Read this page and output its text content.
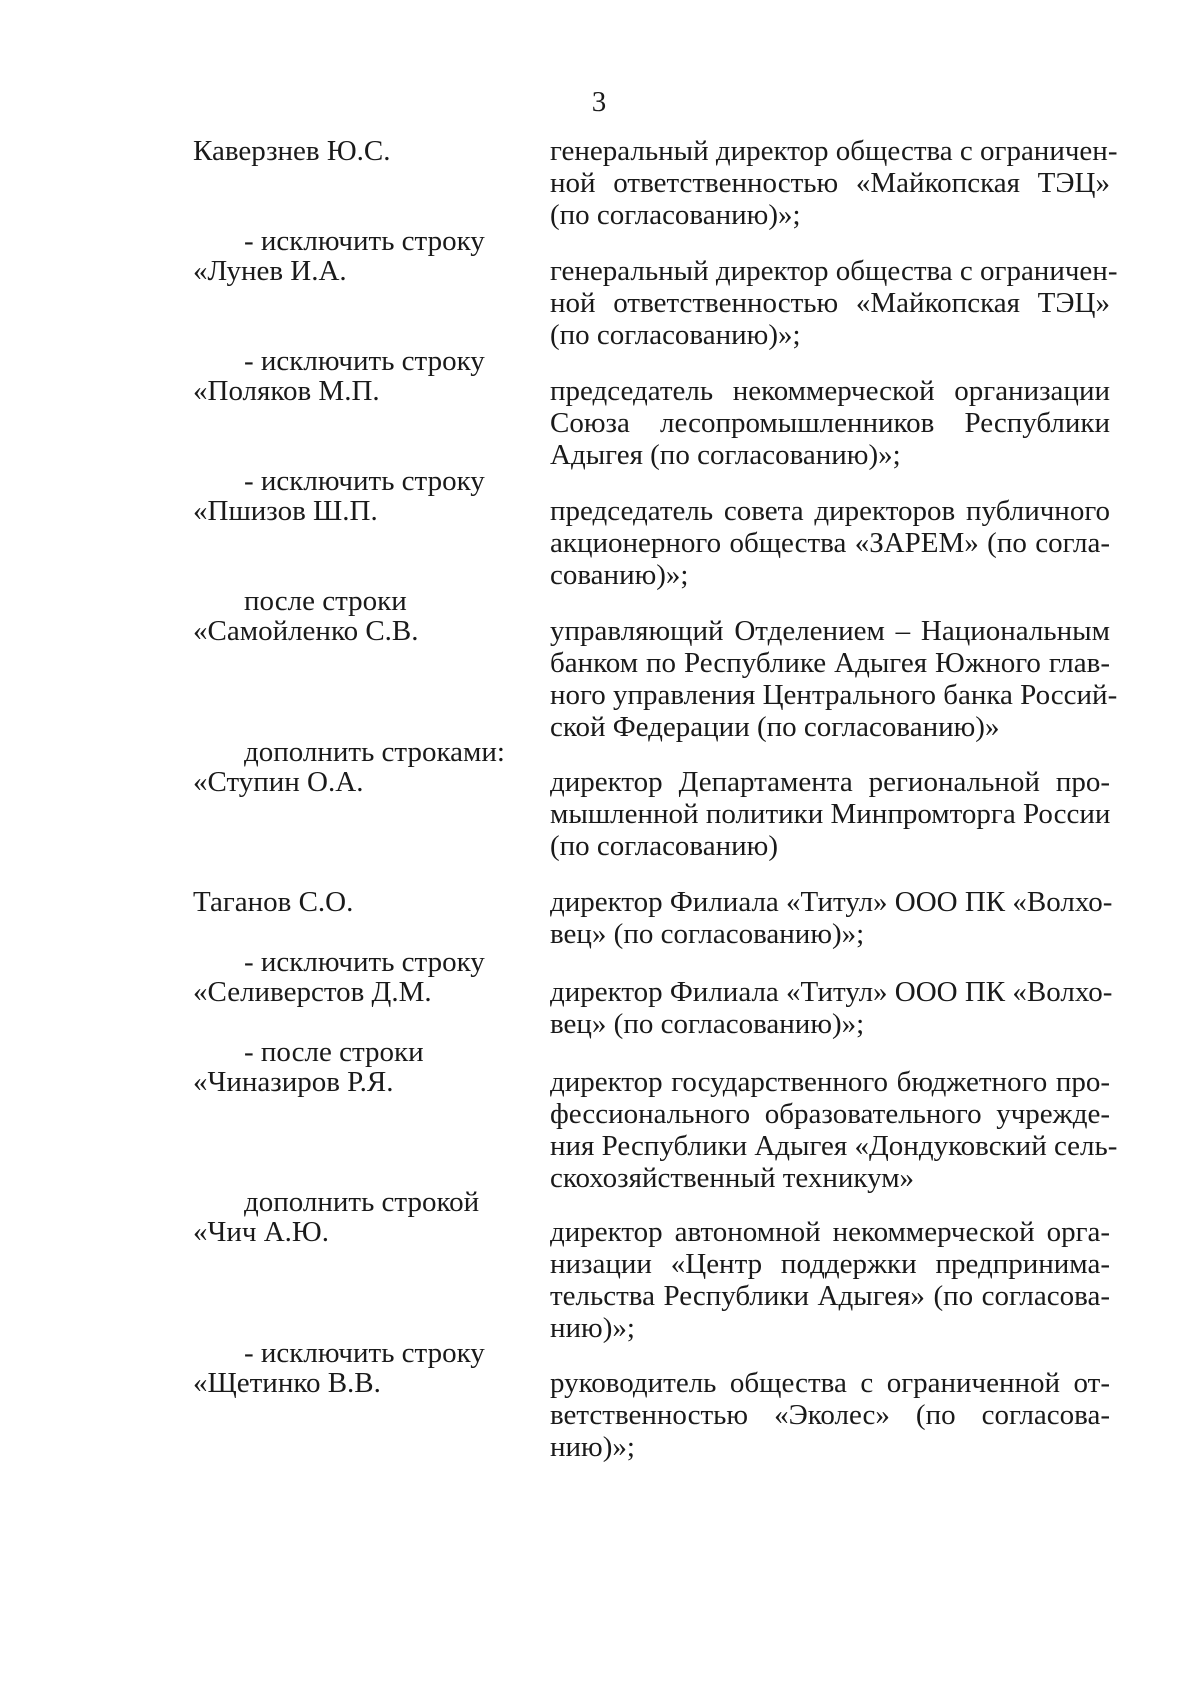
3
Каверзнев Ю.С.	генеральный директор общества с ограничен-
ной ответственностью «Майкопская ТЭЦ»
(по согласованию)»;
- исключить строку
«Лунев И.А.	генеральный директор общества с ограничен-
ной ответственностью «Майкопская ТЭЦ»
(по согласованию)»;
- исключить строку
«Поляков М.П.	председатель некоммерческой организации
Союза лесопромышленников Республики
Адыгея (по согласованию)»;
- исключить строку
«Пшизов Ш.П.	председатель совета директоров публичного
акционерного общества «ЗАРЕМ» (по согла-
сованию)»;
после строки
«Самойленко С.В.	управляющий Отделением – Национальным
банком по Республике Адыгея Южного глав-
ного управления Центрального банка Россий-
ской Федерации (по согласованию)»
дополнить строками:
«Ступин О.А.	директор Департамента региональной про-
мышленной политики Минпромторга России
(по согласованию)
Таганов С.О.	директор Филиала «Титул» ООО ПК «Волхо-
вец» (по согласованию)»;
- исключить строку
«Селиверстов Д.М.	директор Филиала «Титул» ООО ПК «Волхо-
вец» (по согласованию)»;
- после строки
«Чиназиров Р.Я.	директор государственного бюджетного про-
фессионального образовательного учрежде-
ния Республики Адыгея «Дондуковский сель-
скохозяйственный техникум»
дополнить строкой
«Чич А.Ю.	директор автономной некоммерческой орга-
низации «Центр поддержки предпринима-
тельства Республики Адыгея» (по согласова-
нию)»;
- исключить строку
«Щетинко В.В.	руководитель общества с ограниченной от-
ветственностью «Эколес» (по согласова-
нию)»;
